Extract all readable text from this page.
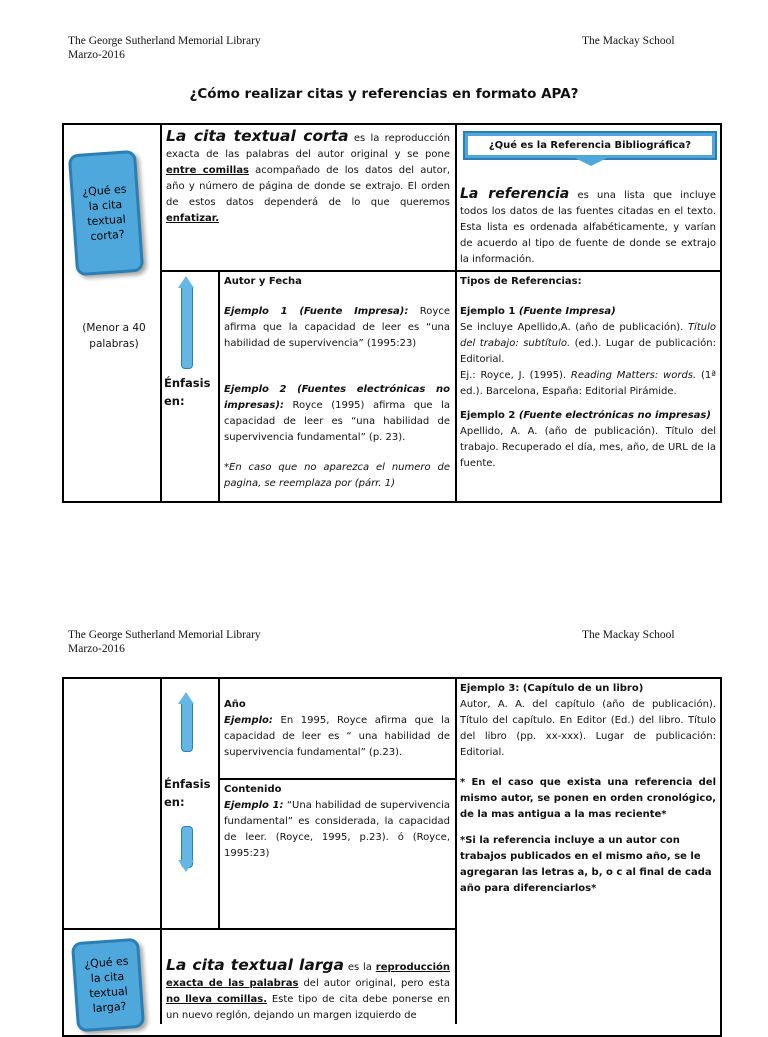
The George Sutherland Memorial Library
Marzo-2016
The Mackay School
¿Cómo realizar citas y referencias en formato APA?
¿Qué es la cita textual corta?
(Menor a 40 palabras)
Énfasis en:
La cita textual corta es la reproducción exacta de las palabras del autor original y se pone entre comillas acompañado de los datos del autor, año y número de página de donde se extrajo. El orden de estos datos dependerá de lo que queremos enfatizar.
¿Qué es la Referencia Bibliográfica?
La referencia es una lista que incluye todos los datos de las fuentes citadas en el texto. Esta lista es ordenada alfabéticamente, y varían de acuerdo al tipo de fuente de donde se extrajo la información.
Autor y Fecha
Ejemplo 1 (Fuente Impresa): Royce afirma que la capacidad de leer es “una habilidad de supervivencia” (1995:23)
Ejemplo 2 (Fuentes electrónicas no impresas): Royce (1995) afirma que la capacidad de leer es “una habilidad de supervivencia fundamental” (p. 23).
*En caso que no aparezca el numero de pagina, se reemplaza por (párr. 1)
Tipos de Referencias:
Ejemplo 1 (Fuente Impresa)
Se incluye Apellido,A. (año de publicación). Título del trabajo: subtítulo. (ed.). Lugar de publicación: Editorial.
Ej.: Royce, J. (1995). Reading Matters: words. (1ª ed.). Barcelona, España: Editorial Pirámide.
Ejemplo 2 (Fuente electrónicas no impresas)
Apellido, A. A. (año de publicación). Título del trabajo. Recuperado el día, mes, año, de URL de la fuente.
The George Sutherland Memorial Library
Marzo-2016
The Mackay School
Énfasis en:
Año
Ejemplo: En 1995, Royce afirma que la capacidad de leer es “ una habilidad de supervivencia fundamental” (p.23).
Contenido
Ejemplo 1: “Una habilidad de supervivencia fundamental” es considerada, la capacidad de leer. (Royce, 1995, p.23). ó (Royce, 1995:23)
Ejemplo 3: (Capítulo de un libro)
Autor, A. A. del capítulo (año de publicación). Título del capítulo. En Editor (Ed.) del libro. Título del libro (pp. xx-xxx). Lugar de publicación: Editorial.
* En el caso que exista una referencia del mismo autor, se ponen en orden cronológico, de la mas antigua a la mas reciente*
*Si la referencia incluye a un autor con trabajos publicados en el mismo año, se le agregaran las letras a, b, o c al final de cada año para diferenciarlos*
¿Qué es la cita textual larga?
La cita textual larga es la reproducción exacta de las palabras del autor original, pero esta no lleva comillas. Este tipo de cita debe ponerse en un nuevo reglón, dejando un margen izquierdo de
